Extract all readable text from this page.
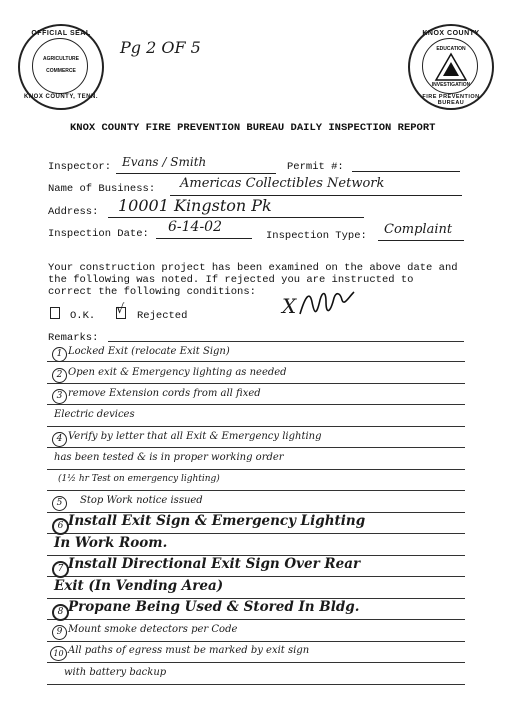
OFFICIAL SEAL
AGRICULTURE
COMMERCE
KNOX COUNTY, TENN.
Pg 2 OF 5
KNOX COUNTY
EDUCATION
INVESTIGATION
FIRE PREVENTION BUREAU
KNOX COUNTY FIRE PREVENTION BUREAU DAILY INSPECTION REPORT
Inspector: Evans / Smith	Permit #:
Name of Business: Americas Collectibles Network
Address: 10001 Kingston Pk
Inspection Date: 6-14-02
Inspection Type: Complaint
Your construction project has been examined on the above date and
the following was noted. If rejected you are instructed to
correct the following conditions:
O.K. √ Rejected	X
Remarks:
1 Locked Exit (relocate Exit Sign)
2 Open exit & Emergency lighting as needed
3 remove Extension cords from all fixed
Electric devices
4 Verify by letter that all Exit & Emergency lighting
has been tested & is in proper working order
(1½ hr Test on emergency lighting)
5	Stop Work notice issued
6 Install Exit Sign & Emergency Lighting
In Work Room.
7 Install Directional Exit Sign Over Rear
Exit (In Vending Area)
8 Propane Being Used & Stored In Bldg.
9 Mount smoke detectors per Code
10 All paths of egress must be marked by exit sign
with battery backup
